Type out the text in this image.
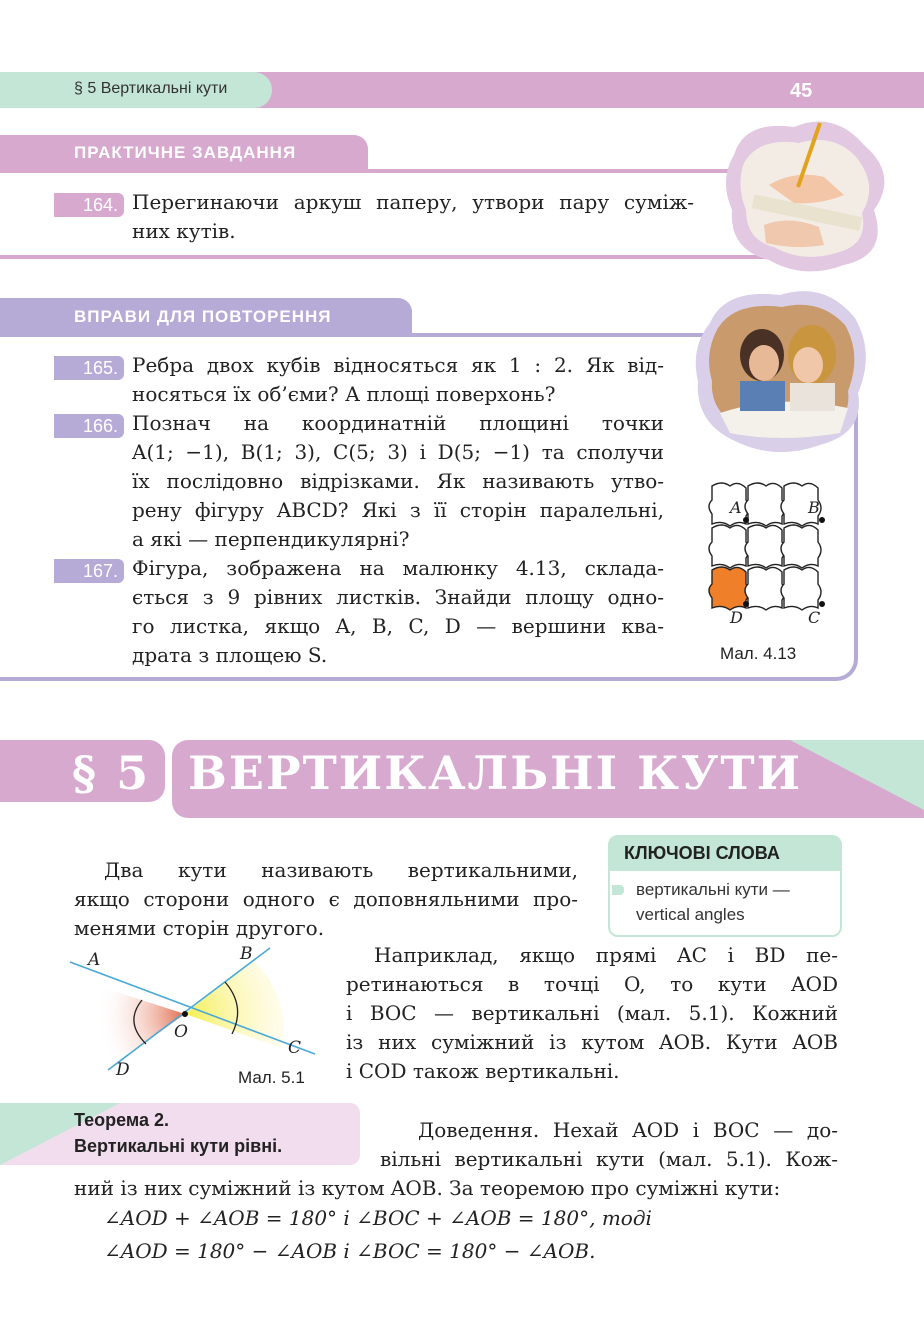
§ 5 Вертикальні кути	45
ПРАКТИЧНЕ ЗАВДАННЯ
164. Перегинаючи аркуш паперу, утвори пару суміж-
них кутів.
ВПРАВИ ДЛЯ ПОВТОРЕННЯ
165. Ребра двох кубів відносяться як 1 : 2. Як від-
носяться їх об’єми? А площі поверхонь?
166. Познач на координатній площині точки
A(1; −1), B(1; 3), C(5; 3) і D(5; −1) та сполучи
їх послідовно відрізками. Як називають утво-
рену фігуру ABCD? Які з її сторін паралельні,
а які — перпендикулярні?
167. Фігура, зображена на малюнку 4.13, склада-
ється з 9 рівних листків. Знайди площу одно-
го листка, якщо A, B, C, D — вершини ква-
драта з площею S.
A	B
D	C
Мал. 4.13
§ 5 ВЕРТИКАЛЬНІ КУТИ
КЛЮЧОВІ СЛОВА
вертикальні кути —
vertical angles
Два кути називають вертикальними,
якщо сторони одного є доповняльними про-
менями сторін другого.
A	B
O
C
D	Мал. 5.1
Наприклад, якщо прямі AC і BD пе-
ретинаються в точці O, то кути AOD
і BOC — вертикальні (мал. 5.1). Кожний
із них суміжний із кутом AOB. Кути AOB
і COD також вертикальні.
Теорема 2.
Вертикальні кути рівні.
Доведення. Нехай AOD і BOC — до-
вільні вертикальні кути (мал. 5.1). Кож-
ний із них суміжний із кутом AOB. За теоремою про суміжні кути:
∠AOD + ∠AOB = 180° і ∠BOC + ∠AOB = 180°, тоді
∠AOD = 180° − ∠AOB і ∠BOC = 180° − ∠AOB.
